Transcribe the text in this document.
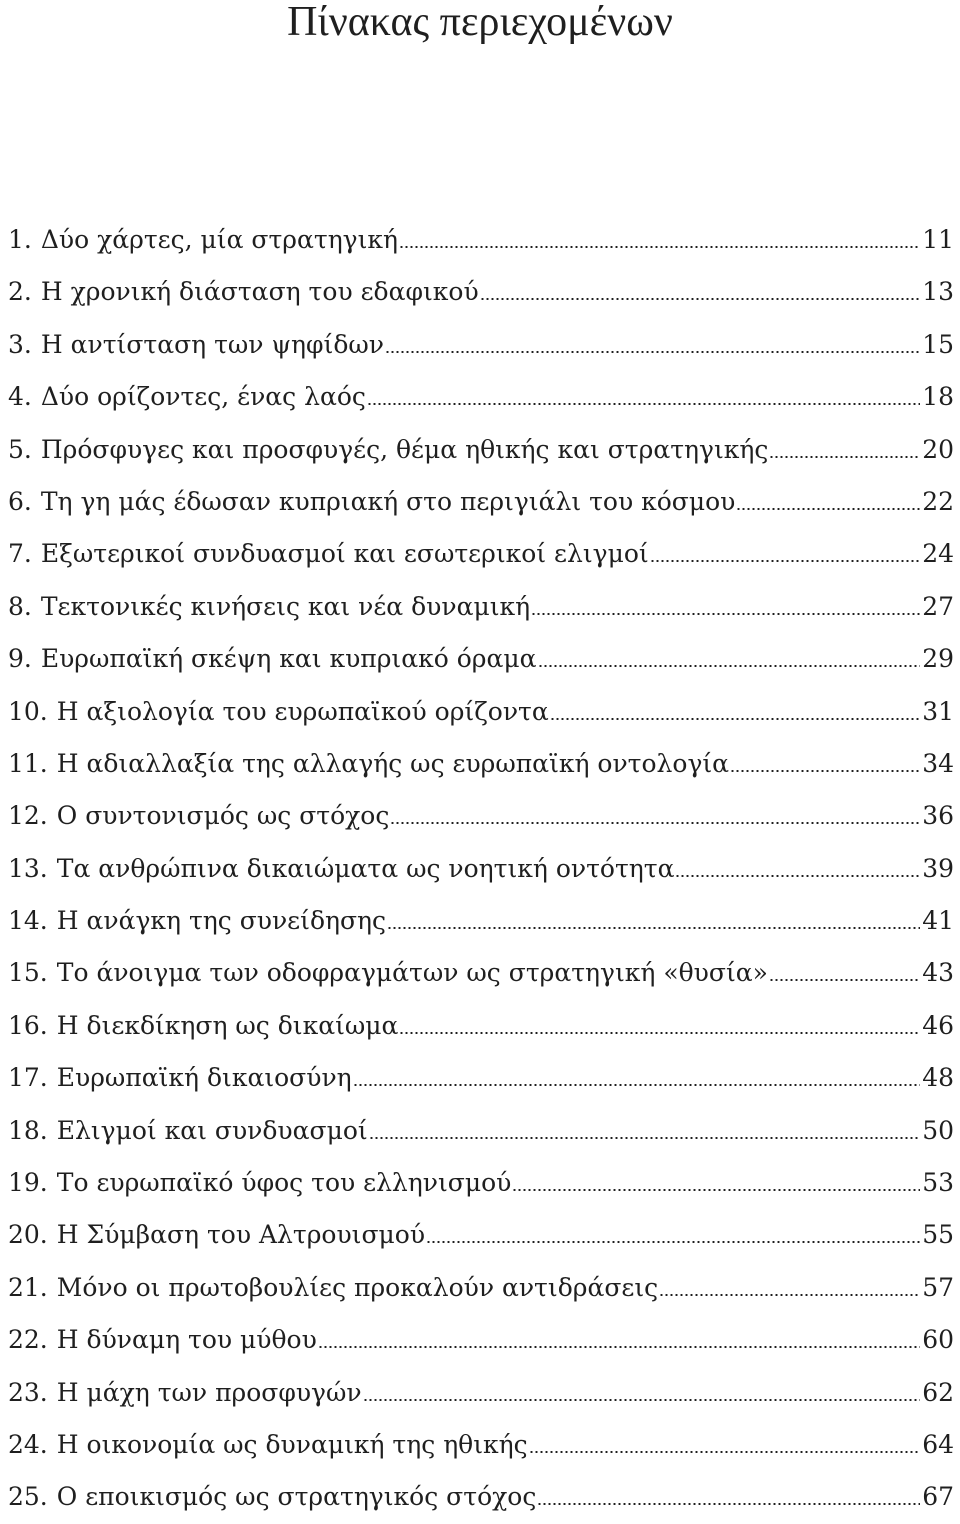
Πίνακας περιεχομένων
1. Δύο χάρτες, μία στρατηγική	11
2. Η χρονική διάσταση του εδαφικού	13
3. Η αντίσταση των ψηφίδων	15
4. Δύο ορίζοντες, ένας λαός	18
5. Πρόσφυγες και προσφυγές, θέμα ηθικής και στρατηγικής	20
6. Τη γη μάς έδωσαν κυπριακή στο περιγιάλι του κόσμου	22
7. Εξωτερικοί συνδυασμοί και εσωτερικοί ελιγμοί	24
8. Τεκτονικές κινήσεις και νέα δυναμική	27
9. Ευρωπαϊκή σκέψη και κυπριακό όραμα	29
10. Η αξιολογία του ευρωπαϊκού ορίζοντα	31
11. Η αδιαλλαξία της αλλαγής ως ευρωπαϊκή οντολογία	34
12. Ο συντονισμός ως στόχος	36
13. Τα ανθρώπινα δικαιώματα ως νοητική οντότητα	39
14. Η ανάγκη της συνείδησης	41
15. Το άνοιγμα των οδοφραγμάτων ως στρατηγική «θυσία»	43
16. Η διεκδίκηση ως δικαίωμα	46
17. Ευρωπαϊκή δικαιοσύνη	48
18. Ελιγμοί και συνδυασμοί	50
19. Το ευρωπαϊκό ύφος του ελληνισμού	53
20. Η Σύμβαση του Αλτρουισμού	55
21. Μόνο οι πρωτοβουλίες προκαλούν αντιδράσεις	57
22. Η δύναμη του μύθου	60
23. Η μάχη των προσφυγών	62
24. Η οικονομία ως δυναμική της ηθικής	64
25. Ο εποικισμός ως στρατηγικός στόχος	67
